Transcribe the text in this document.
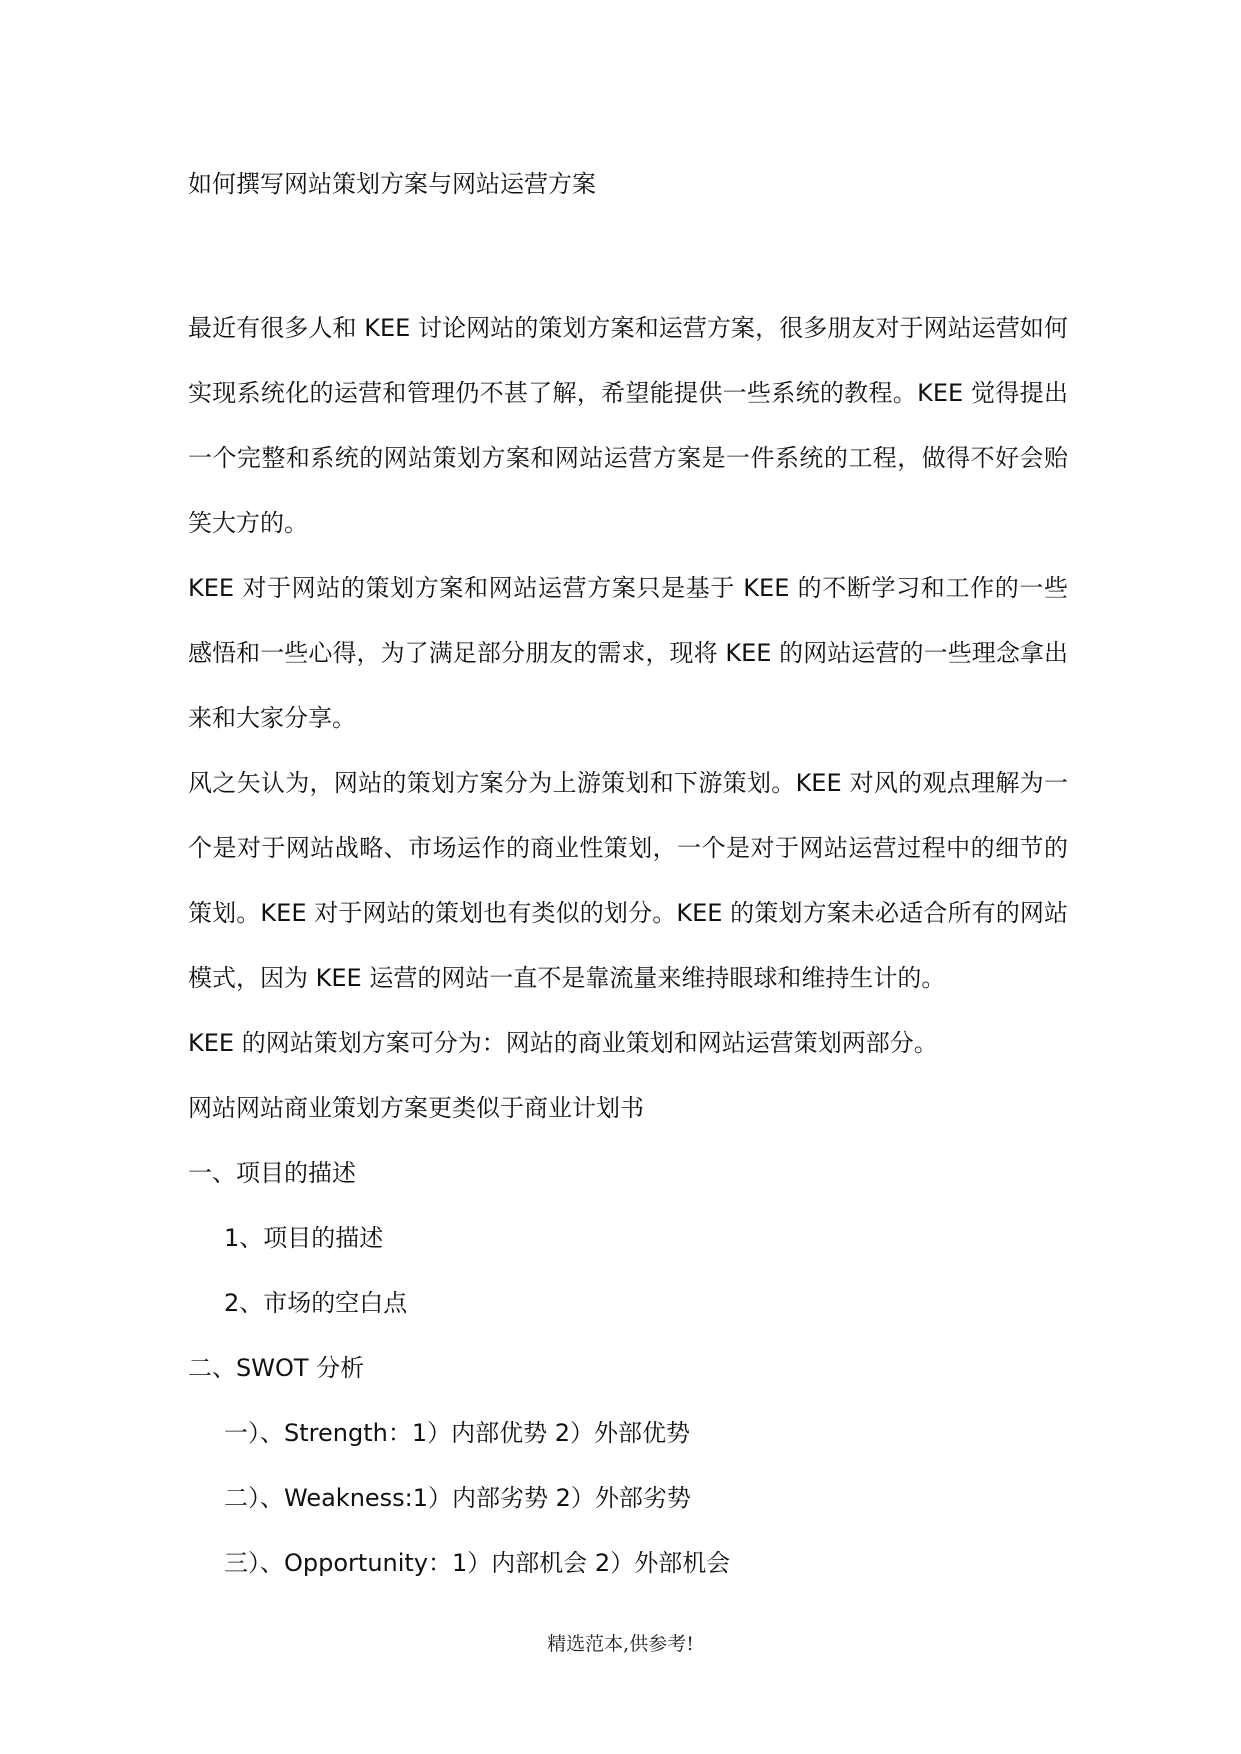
如何撰写网站策划方案与网站运营方案

最近有很多人和 KEE 讨论网站的策划方案和运营方案，很多朋友对于网站运营如何实现系统化的运营和管理仍不甚了解，希望能提供一些系统的教程。KEE 觉得提出一个完整和系统的网站策划方案和网站运营方案是一件系统的工程，做得不好会贻笑大方的。

KEE 对于网站的策划方案和网站运营方案只是基于 KEE 的不断学习和工作的一些感悟和一些心得，为了满足部分朋友的需求，现将 KEE 的网站运营的一些理念拿出来和大家分享。

风之矢认为，网站的策划方案分为上游策划和下游策划。KEE 对风的观点理解为一个是对于网站战略、市场运作的商业性策划，一个是对于网站运营过程中的细节的策划。KEE 对于网站的策划也有类似的划分。KEE 的策划方案未必适合所有的网站模式，因为 KEE 运营的网站一直不是靠流量来维持眼球和维持生计的。

KEE 的网站策划方案可分为：网站的商业策划和网站运营策划两部分。

网站网站商业策划方案更类似于商业计划书

一、项目的描述

1、项目的描述

2、市场的空白点

二、SWOT 分析

一）、Strength：1）内部优势 2）外部优势

二）、Weakness:1）内部劣势 2）外部劣势

三）、Opportunity：1）内部机会 2）外部机会

精选范本,供参考!
